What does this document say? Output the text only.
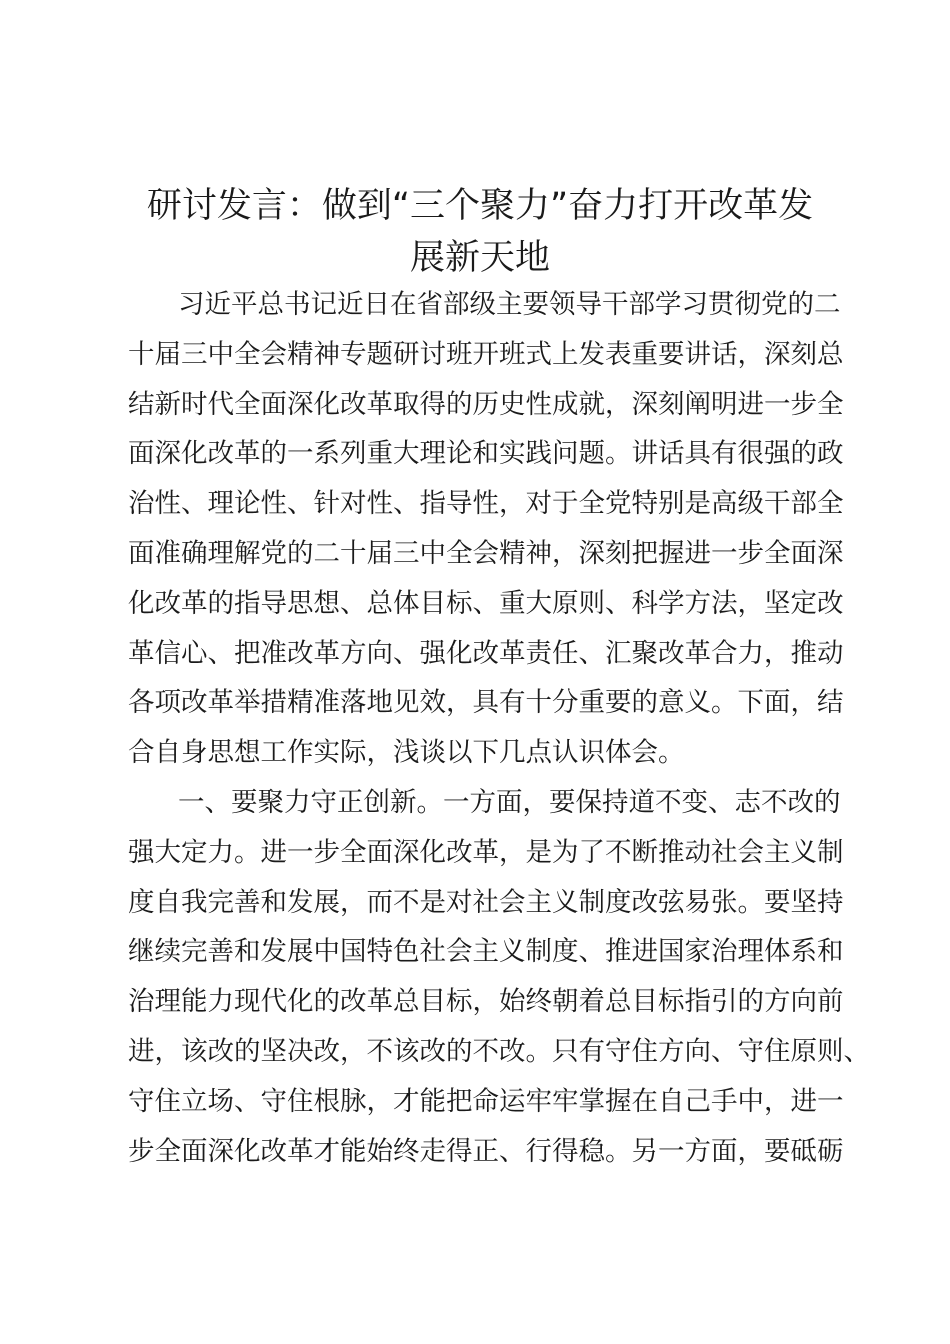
研讨发言：做到“三个聚力”奋力打开改革发
展新天地
习近平总书记近日在省部级主要领导干部学习贯彻党的二
十届三中全会精神专题研讨班开班式上发表重要讲话，深刻总
结新时代全面深化改革取得的历史性成就，深刻阐明进一步全
面深化改革的一系列重大理论和实践问题。讲话具有很强的政
治性、理论性、针对性、指导性，对于全党特别是高级干部全
面准确理解党的二十届三中全会精神，深刻把握进一步全面深
化改革的指导思想、总体目标、重大原则、科学方法，坚定改
革信心、把准改革方向、强化改革责任、汇聚改革合力，推动
各项改革举措精准落地见效，具有十分重要的意义。下面，结
合自身思想工作实际，浅谈以下几点认识体会。
一、要聚力守正创新。一方面，要保持道不变、志不改的
强大定力。进一步全面深化改革，是为了不断推动社会主义制
度自我完善和发展，而不是对社会主义制度改弦易张。要坚持
继续完善和发展中国特色社会主义制度、推进国家治理体系和
治理能力现代化的改革总目标，始终朝着总目标指引的方向前
进，该改的坚决改，不该改的不改。只有守住方向、守住原则、
守住立场、守住根脉，才能把命运牢牢掌握在自己手中，进一
步全面深化改革才能始终走得正、行得稳。另一方面，要砥砺
